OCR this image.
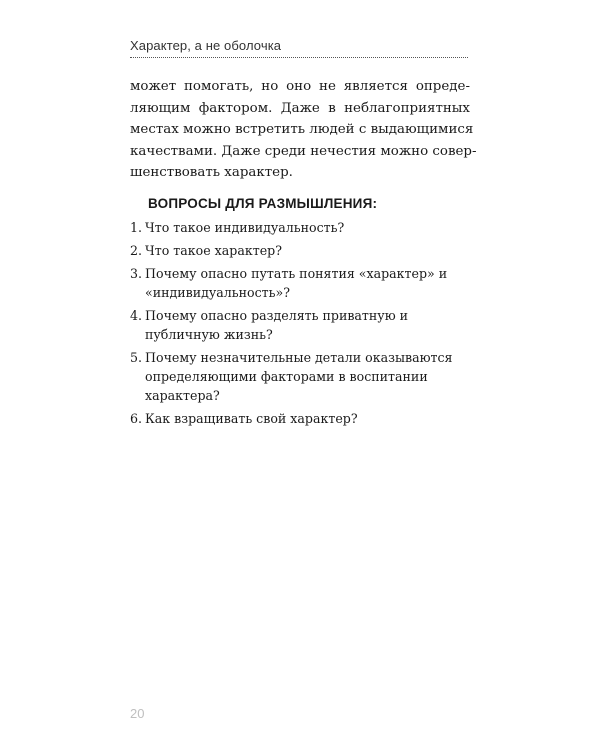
Характер, а не оболочка
может помогать, но оно не является опреде-
ляющим фактором. Даже в неблагоприятных
местах можно встретить людей с выдающимися
качествами. Даже среди нечестия можно совер-
шенствовать характер.
ВОПРОСЫ ДЛЯ РАЗМЫШЛЕНИЯ:
1. Что такое индивидуальность?
2. Что такое характер?
3. Почему опасно путать понятия «характер» и «индивидуальность»?
4. Почему опасно разделять приватную и публичную жизнь?
5. Почему незначительные детали оказываются определяющими факторами в воспитании характера?
6. Как взращивать свой характер?
20
